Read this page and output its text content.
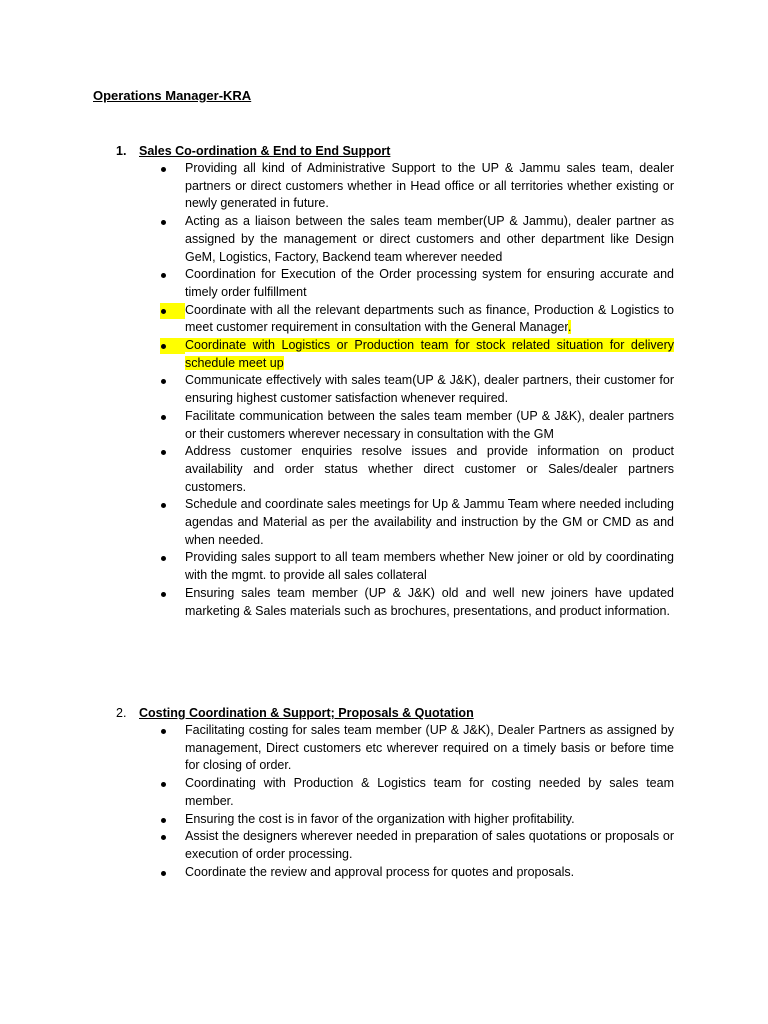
Operations Manager-KRA
1.	Sales Co-ordination & End to End Support
Providing all kind of Administrative Support to the UP & Jammu sales team, dealer partners or direct customers whether in Head office or all territories whether existing or newly generated in future.
Acting as a liaison between the sales team member(UP & Jammu), dealer partner as assigned by the management or direct customers and other department like Design GeM, Logistics, Factory, Backend team wherever needed
Coordination for Execution of the Order processing system for ensuring accurate and timely order fulfillment
Coordinate with all the relevant departments such as finance, Production & Logistics to meet customer requirement in consultation with the General Manager.
Coordinate with Logistics or Production team for stock related situation for delivery schedule meet up
Communicate effectively with sales team(UP & J&K), dealer partners, their customer for ensuring highest customer satisfaction whenever required.
Facilitate communication between the sales team member (UP & J&K), dealer partners or their customers wherever necessary in consultation with the GM
Address customer enquiries resolve issues and provide information on product availability and order status whether direct customer or Sales/dealer partners customers.
Schedule and coordinate sales meetings for Up & Jammu Team where needed including agendas and Material as per the availability and instruction by the GM or CMD as and when needed.
Providing sales support to all team members whether New joiner or old by coordinating with the mgmt. to provide all sales collateral
Ensuring sales team member (UP & J&K) old and well new joiners have updated marketing & Sales materials such as brochures, presentations, and product information.
2.	Costing Coordination & Support; Proposals & Quotation
Facilitating costing for sales team member (UP & J&K), Dealer Partners as assigned by management, Direct customers etc wherever required on a timely basis or before time for closing of order.
Coordinating with Production & Logistics team for costing needed by sales team member.
Ensuring the cost is in favor of the organization with higher profitability.
Assist the designers wherever needed in preparation of sales quotations or proposals or execution of order processing.
Coordinate the review and approval process for quotes and proposals.
